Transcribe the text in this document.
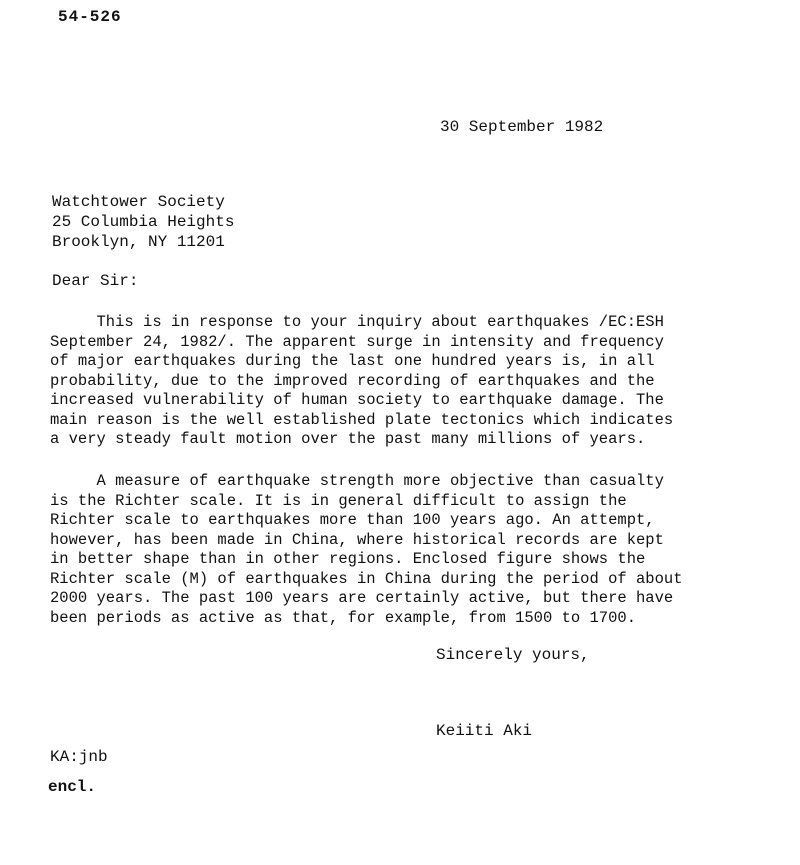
54-526
30 September 1982
Watchtower Society
25 Columbia Heights
Brooklyn, NY 11201
Dear Sir:
This is in response to your inquiry about earthquakes /EC:ESH
September 24, 1982/. The apparent surge in intensity and frequency
of major earthquakes during the last one hundred years is, in all
probability, due to the improved recording of earthquakes and the
increased vulnerability of human society to earthquake damage. The
main reason is the well established plate tectonics which indicates
a very steady fault motion over the past many millions of years.
A measure of earthquake strength more objective than casualty
is the Richter scale. It is in general difficult to assign the
Richter scale to earthquakes more than 100 years ago. An attempt,
however, has been made in China, where historical records are kept
in better shape than in other regions. Enclosed figure shows the
Richter scale (M) of earthquakes in China during the period of about
2000 years. The past 100 years are certainly active, but there have
been periods as active as that, for example, from 1500 to 1700.
Sincerely yours,
Keiiti Aki
KA:jnb
encl.
